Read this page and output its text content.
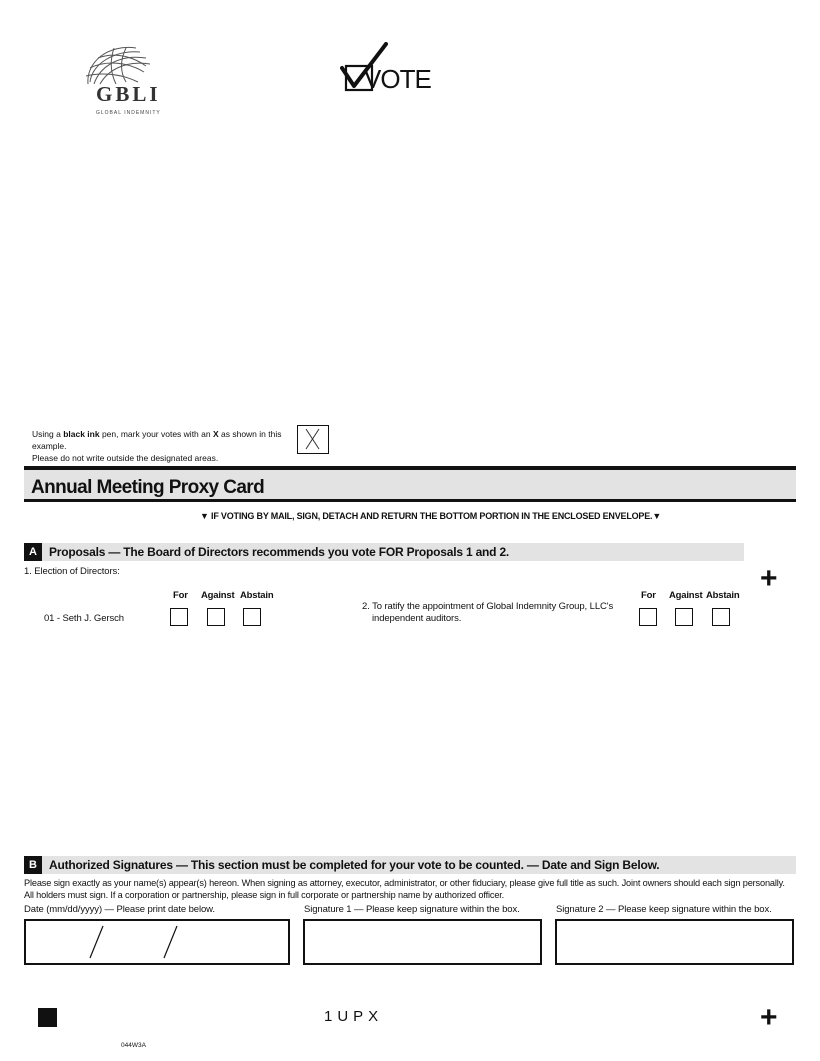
GBLI
GLOBAL INDEMNITY
VOTE
Using a black ink pen, mark your votes with an X as shown in this example.
Please do not write outside the designated areas.
Annual Meeting Proxy Card
▼ IF VOTING BY MAIL, SIGN, DETACH AND RETURN THE BOTTOM PORTION IN THE ENCLOSED ENVELOPE.▼
A	Proposals — The Board of Directors recommends you vote FOR Proposals 1 and 2.
1. Election of Directors:
For Against Abstain
01 - Seth J. Gersch
2. To ratify the appointment of Global Indemnity Group, LLC's
independent auditors.
For Against Abstain
+
B	Authorized Signatures — This section must be completed for your vote to be counted. — Date and Sign Below.
Please sign exactly as your name(s) appear(s) hereon. When signing as attorney, executor, administrator, or other fiduciary, please give full title as such. Joint owners should each sign personally.
All holders must sign. If a corporation or partnership, please sign in full corporate or partnership name by authorized officer.
Date (mm/dd/yyyy) — Please print date below.	Signature 1 — Please keep signature within the box.	Signature 2 — Please keep signature within the box.
1UPX	+
044W3A
